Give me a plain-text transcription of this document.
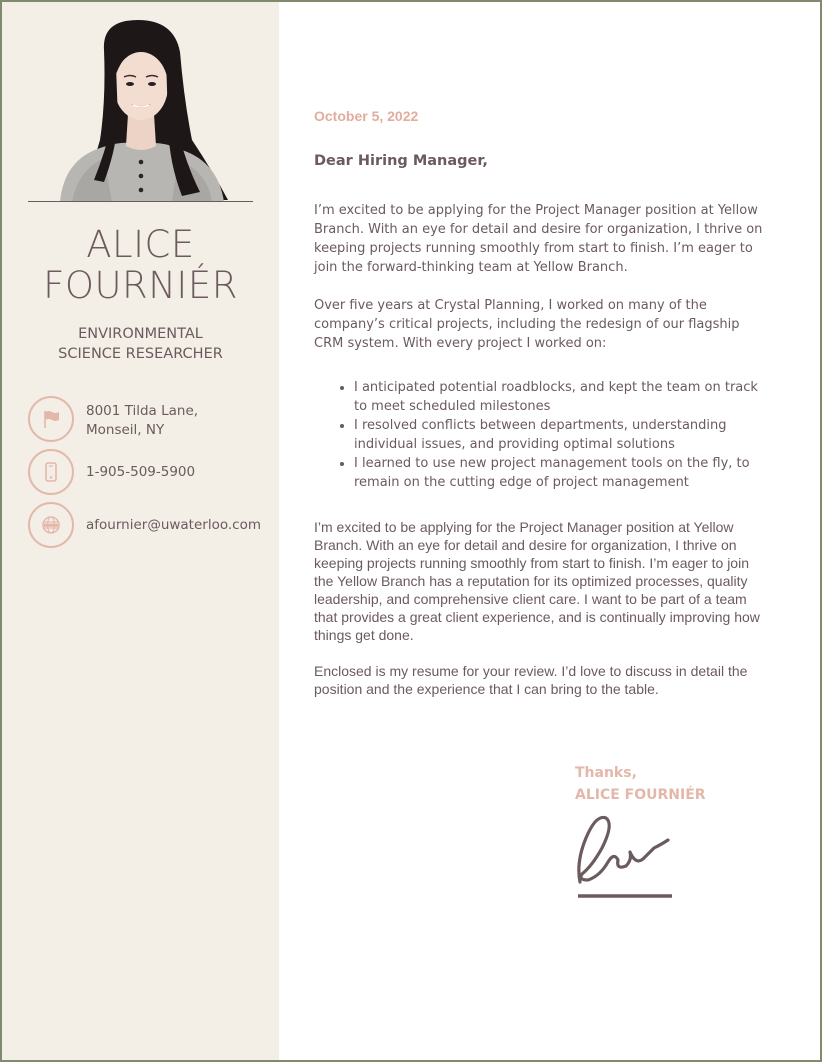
ALICE
FOURNIÉR
ENVIRONMENTAL
SCIENCE RESEARCHER
8001 Tilda Lane,
Monseil, NY
1-905-509-5900
afournier@uwaterloo.com
October 5, 2022
Dear Hiring Manager,

I’m excited to be applying for the Project Manager position at Yellow Branch. With an eye for detail and desire for organization, I thrive on keeping projects running smoothly from start to finish. I’m eager to join the forward-thinking team at Yellow Branch.

Over five years at Crystal Planning, I worked on many of the company’s critical projects, including the redesign of our flagship CRM system. With every project I worked on:

I anticipated potential roadblocks, and kept the team on track to meet scheduled milestones
I resolved conflicts between departments, understanding individual issues, and providing optimal solutions
I learned to use new project management tools on the fly, to remain on the cutting edge of project management

I’m excited to be applying for the Project Manager position at Yellow Branch. With an eye for detail and desire for organization, I thrive on keeping projects running smoothly from start to finish. I’m eager to join the Yellow Branch has a reputation for its optimized processes, quality leadership, and comprehensive client care. I want to be part of a team that provides a great client experience, and is continually improving how things get done.

Enclosed is my resume for your review. I’d love to discuss in detail the position and the experience that I can bring to the table.

Thanks,
ALICE FOURNIÉR
